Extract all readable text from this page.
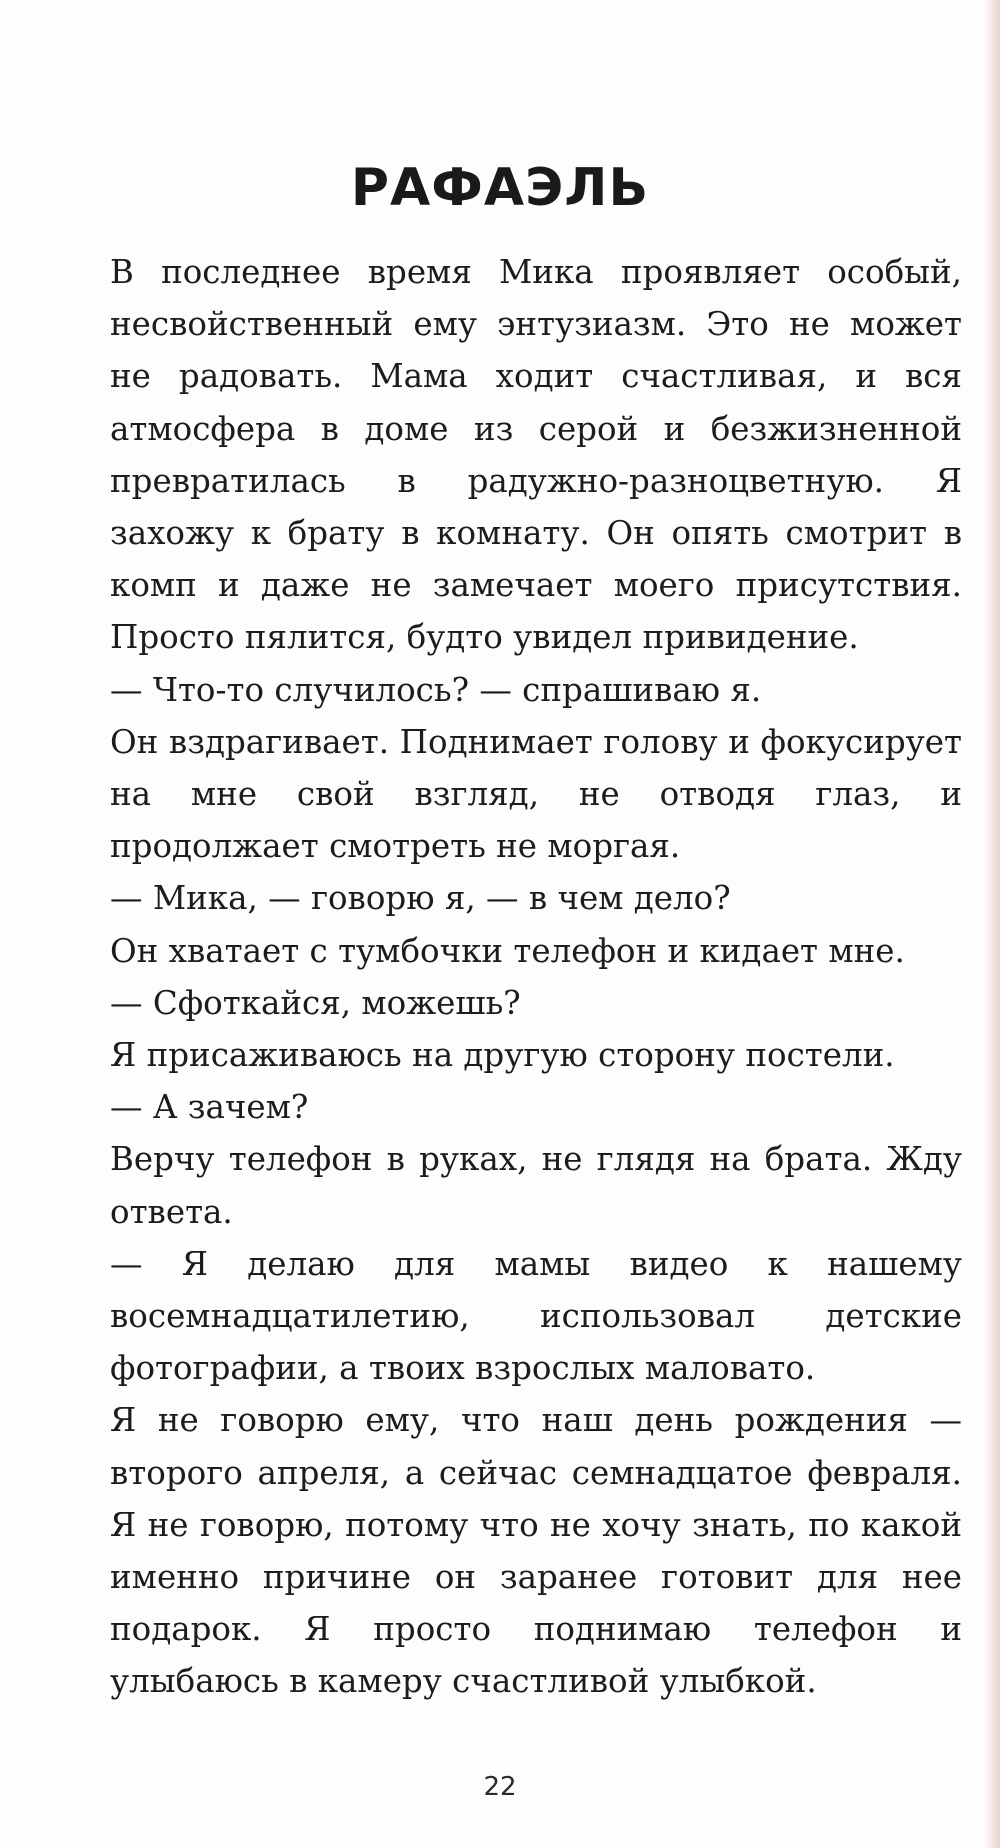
РАФАЭЛЬ

В последнее время Мика проявляет особый, несвойственный ему энтузиазм. Это не может не радовать. Мама ходит счастливая, и вся атмосфера в доме из серой и безжизненной превратилась в радужно-разноцветную. Я захожу к брату в комнату. Он опять смотрит в комп и даже не замечает моего присутствия. Просто пялится, будто увидел привидение.

— Что-то случилось? — спрашиваю я.

Он вздрагивает. Поднимает голову и фокусирует на мне свой взгляд, не отводя глаз, и продолжает смотреть не моргая.

— Мика, — говорю я, — в чем дело?

Он хватает с тумбочки телефон и кидает мне.

— Сфоткайся, можешь?

Я присаживаюсь на другую сторону постели.

— А зачем?

Верчу телефон в руках, не глядя на брата. Жду ответа.

— Я делаю для мамы видео к нашему восемнадцатилетию, использовал детские фотографии, а твоих взрослых маловато.

Я не говорю ему, что наш день рождения — второго апреля, а сейчас семнадцатое февраля. Я не говорю, потому что не хочу знать, по какой именно причине он заранее готовит для нее подарок. Я просто поднимаю телефон и улыбаюсь в камеру счастливой улыбкой.

22
